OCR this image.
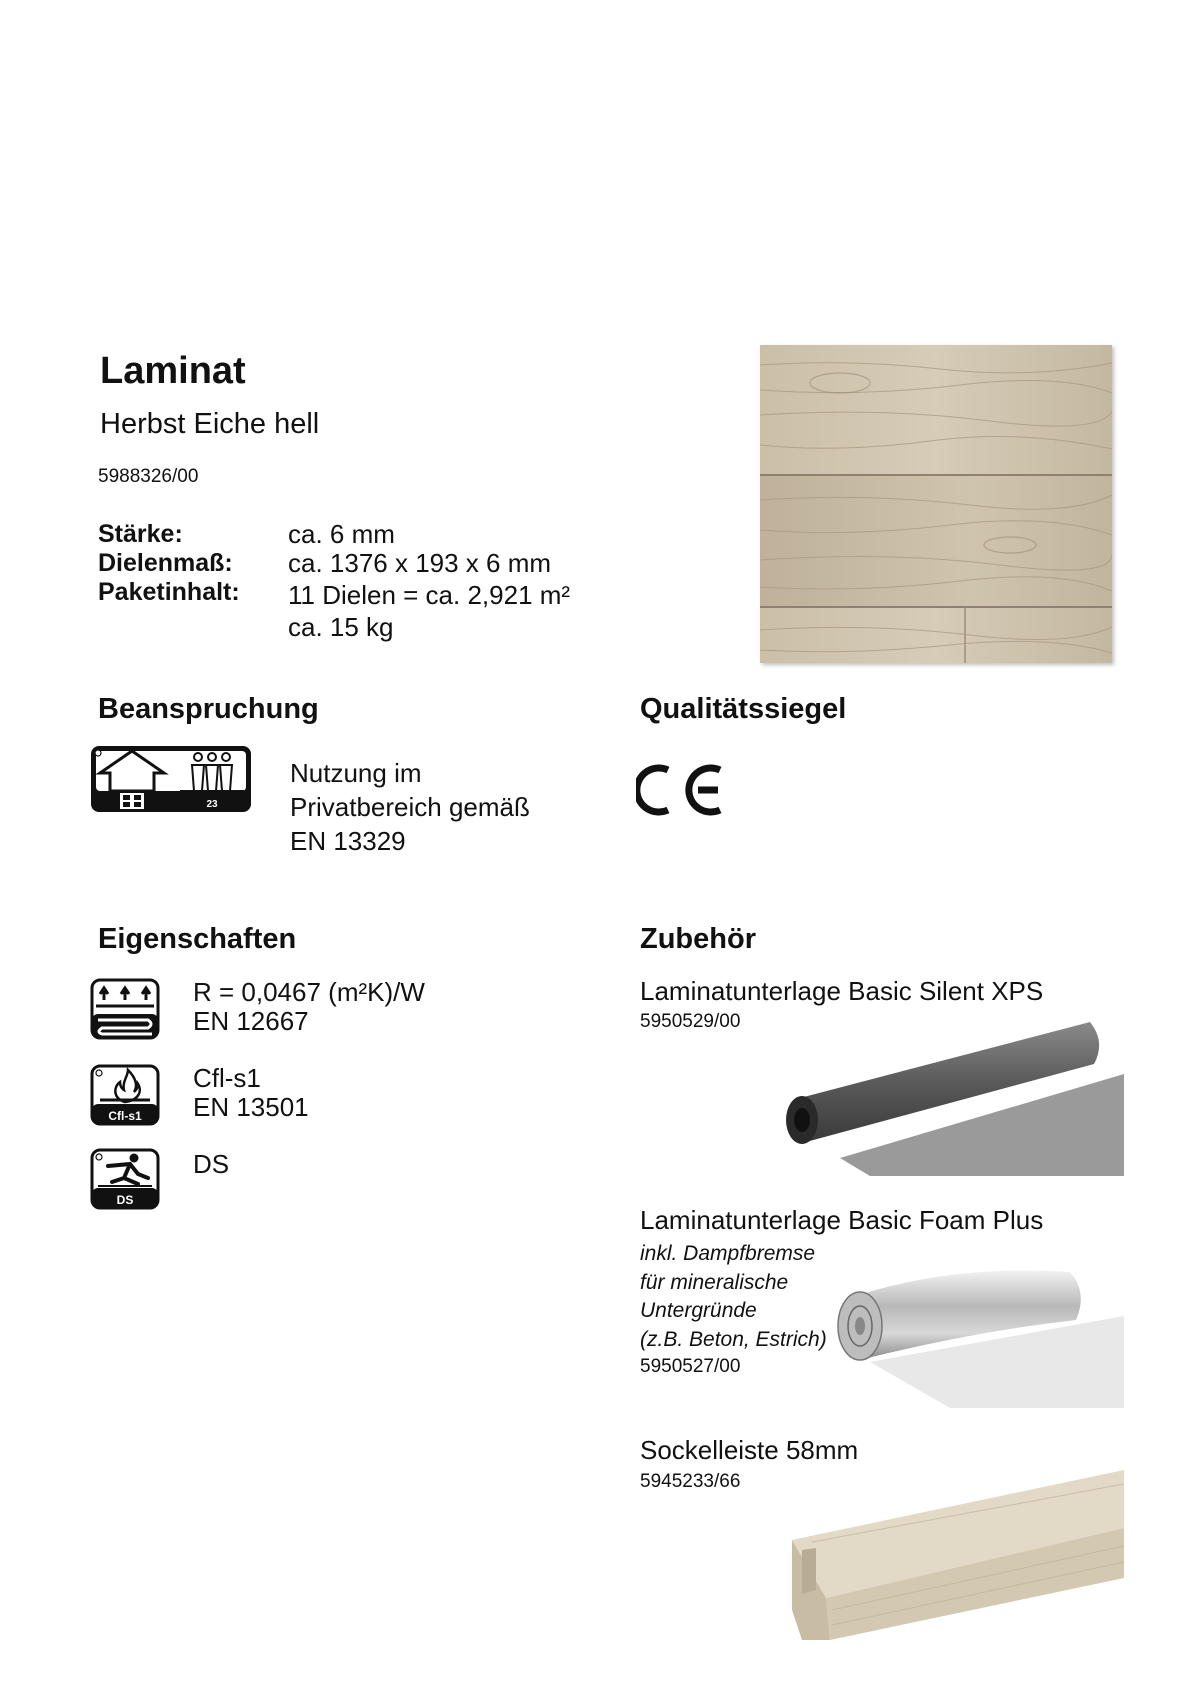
Laminat
Herbst Eiche hell
5988326/00
Stärke:	ca. 6 mm
Dielenmaß: ca. 1376 x 193 x 6 mm
Paketinhalt: 11 Dielen = ca. 2,921 m²
ca. 15 kg
Beanspruchung
23
Nutzung im
Privatbereich gemäß
EN 13329
Qualitätssiegel
Eigenschaften
R = 0,0467 (m²K)/W
EN 12667
Cfl-s1
Cfl-s1
EN 13501
DS
DS
Zubehör
Laminatunterlage Basic Silent XPS
5950529/00
Laminatunterlage Basic Foam Plus
inkl. Dampfbremse
für mineralische
Untergründe
(z.B. Beton, Estrich)
5950527/00
Sockelleiste 58mm
5945233/66
